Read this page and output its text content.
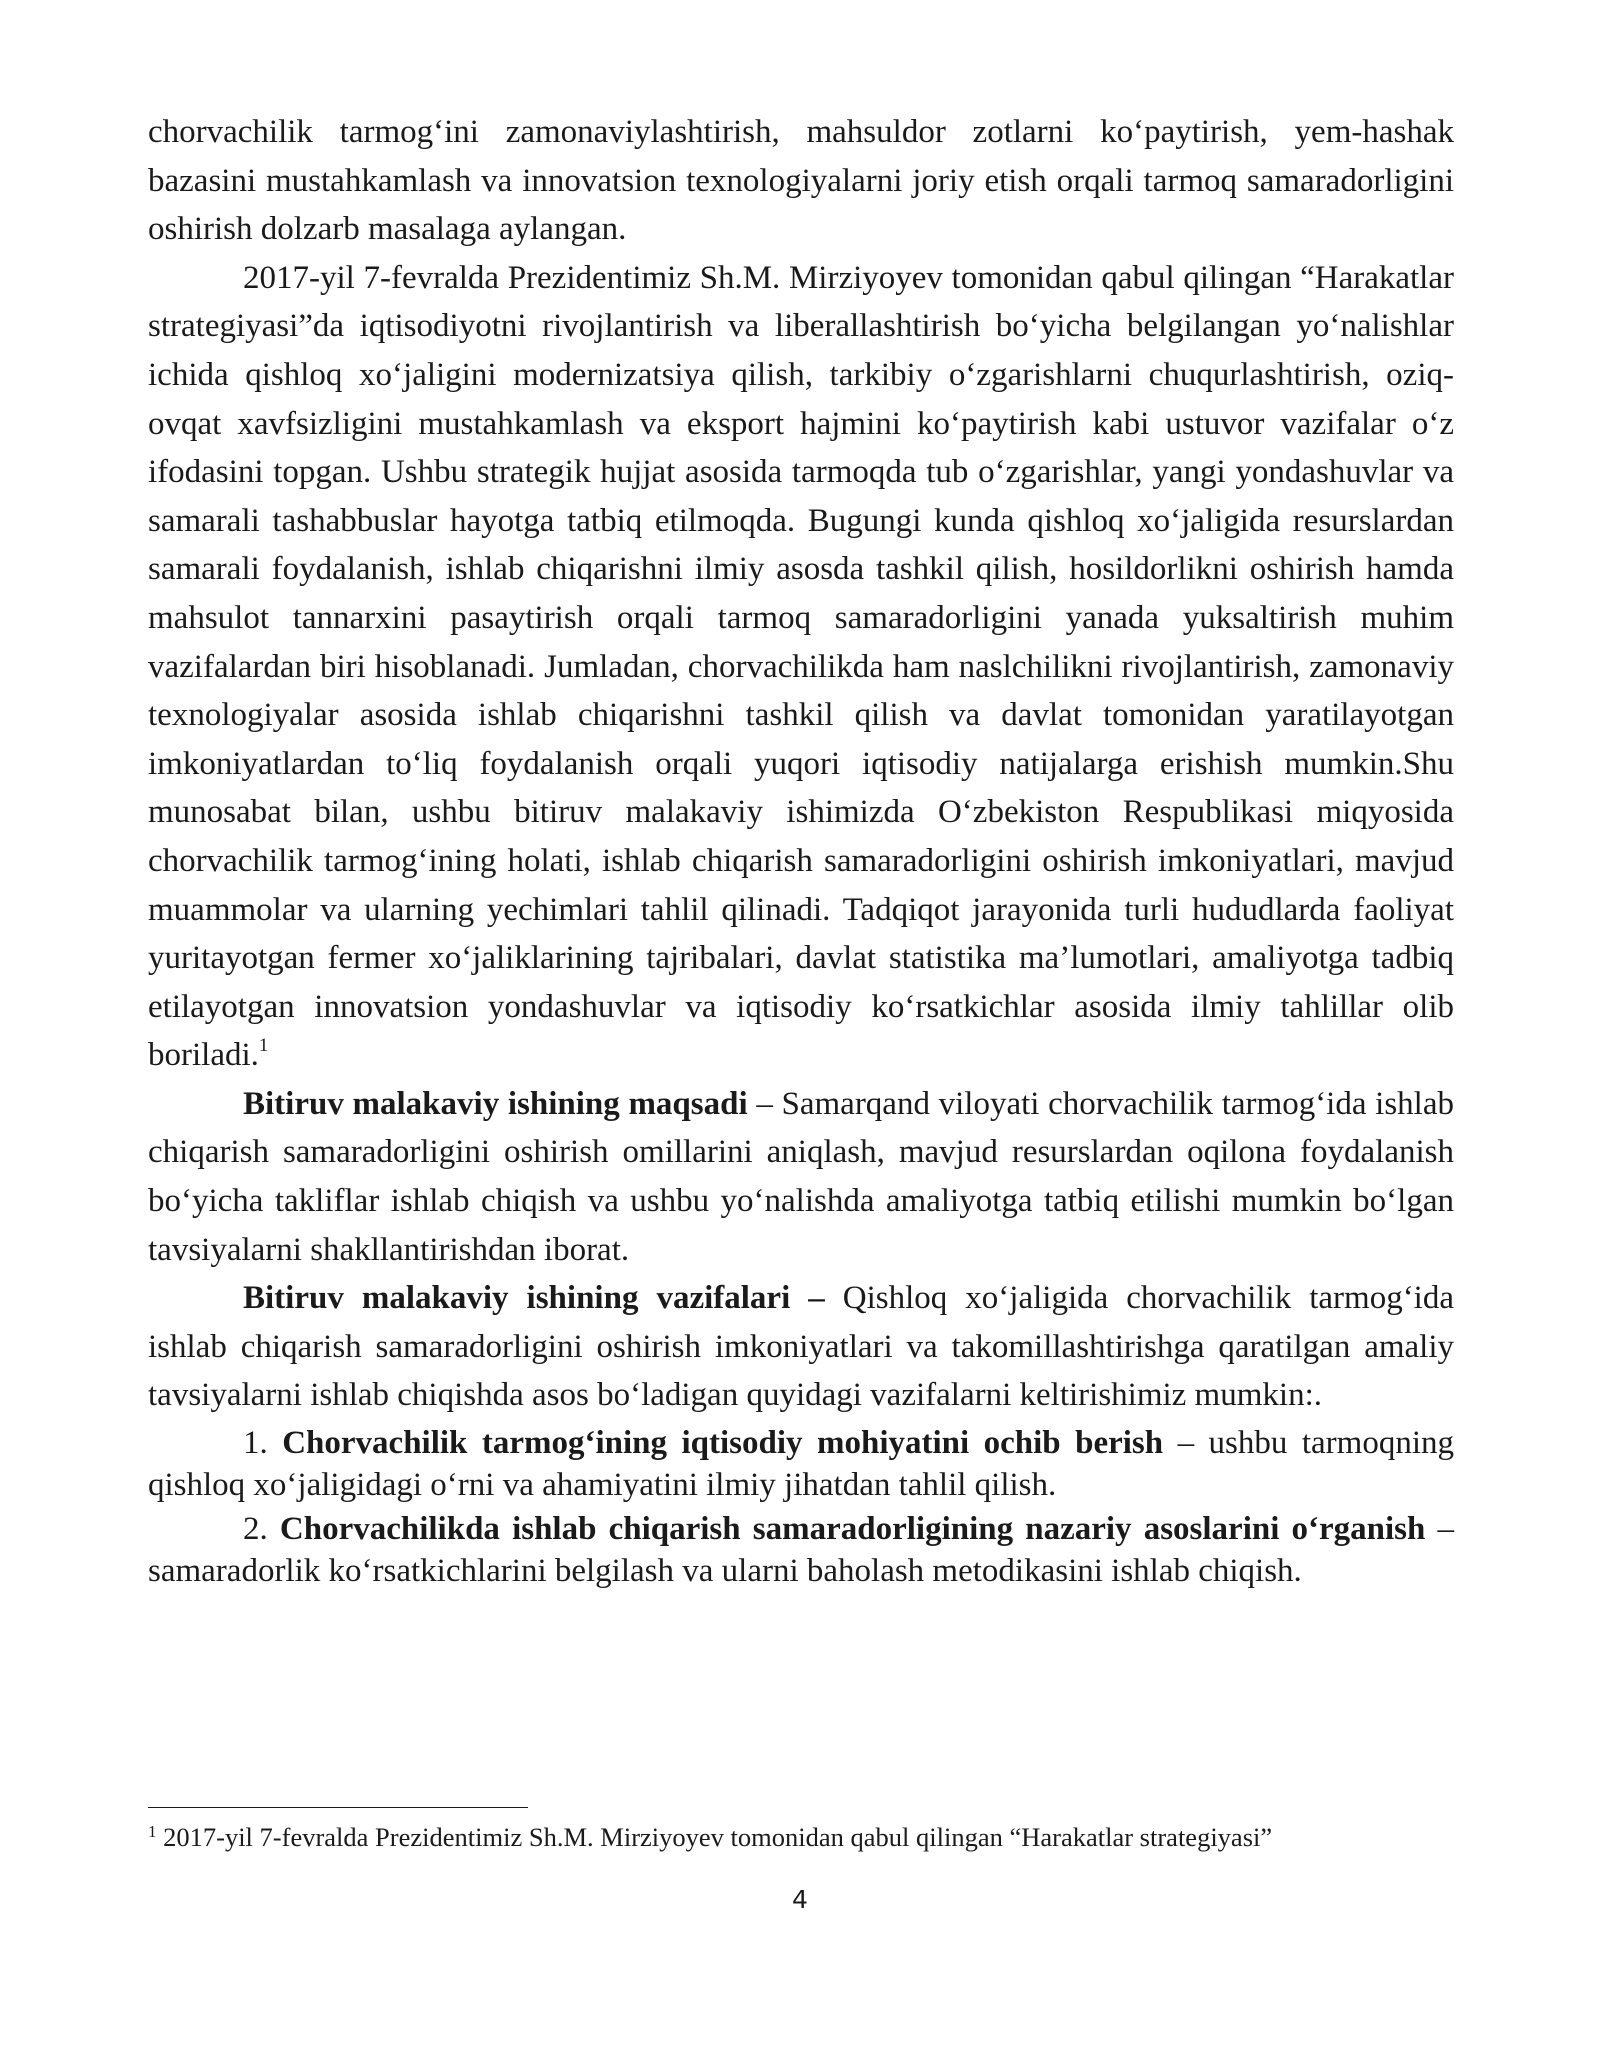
chorvachilik tarmog‘ini zamonaviylashtirish, mahsuldor zotlarni ko‘paytirish, yem-hashak bazasini mustahkamlash va innovatsion texnologiyalarni joriy etish orqali tarmoq samaradorligini oshirish dolzarb masalaga aylangan.

2017-yil 7-fevralda Prezidentimiz Sh.M. Mirziyoyev tomonidan qabul qilingan “Harakatlar strategiyasi”da iqtisodiyotni rivojlantirish va liberallashtirish bo‘yicha belgilangan yo‘nalishlar ichida qishloq xo‘jaligini modernizatsiya qilish, tarkibiy o‘zgarishlarni chuqurlashtirish, oziq-ovqat xavfsizligini mustahkamlash va eksport hajmini ko‘paytirish kabi ustuvor vazifalar o‘z ifodasini topgan. Ushbu strategik hujjat asosida tarmoqda tub o‘zgarishlar, yangi yondashuvlar va samarali tashabbuslar hayotga tatbiq etilmoqda. Bugungi kunda qishloq xo‘jaligida resurslardan samarali foydalanish, ishlab chiqarishni ilmiy asosda tashkil qilish, hosildorlikni oshirish hamda mahsulot tannarxini pasaytirish orqali tarmoq samaradorligini yanada yuksaltirish muhim vazifalardan biri hisoblanadi. Jumladan, chorvachilikda ham naslchilikni rivojlantirish, zamonaviy texnologiyalar asosida ishlab chiqarishni tashkil qilish va davlat tomonidan yaratilayotgan imkoniyatlardan to‘liq foydalanish orqali yuqori iqtisodiy natijalarga erishish mumkin.Shu munosabat bilan, ushbu bitiruv malakaviy ishimizda O‘zbekiston Respublikasi miqyosida chorvachilik tarmog‘ining holati, ishlab chiqarish samaradorligini oshirish imkoniyatlari, mavjud muammolar va ularning yechimlari tahlil qilinadi. Tadqiqot jarayonida turli hududlarda faoliyat yuritayotgan fermer xo‘jaliklarining tajribalari, davlat statistika ma’lumotlari, amaliyotga tadbiq etilayotgan innovatsion yondashuvlar va iqtisodiy ko‘rsatkichlar asosida ilmiy tahlillar olib boriladi.$^1$

Bitiruv malakaviy ishining maqsadi – Samarqand viloyati chorvachilik tarmog‘ida ishlab chiqarish samaradorligini oshirish omillarini aniqlash, mavjud resurslardan oqilona foydalanish bo‘yicha takliflar ishlab chiqish va ushbu yo‘nalishda amaliyotga tatbiq etilishi mumkin bo‘lgan tavsiyalarni shakllantirishdan iborat.

Bitiruv malakaviy ishining vazifalari – Qishloq xo‘jaligida chorvachilik tarmog‘ida ishlab chiqarish samaradorligini oshirish imkoniyatlari va takomillashtirishga qaratilgan amaliy tavsiyalarni ishlab chiqishda asos bo‘ladigan quyidagi vazifalarni keltirishimiz mumkin:.

1. Chorvachilik tarmog‘ining iqtisodiy mohiyatini ochib berish – ushbu tarmoqning qishloq xo‘jaligidagi o‘rni va ahamiyatini ilmiy jihatdan tahlil qilish.

2. Chorvachilikda ishlab chiqarish samaradorligining nazariy asoslarini o‘rganish – samaradorlik ko‘rsatkichlarini belgilash va ularni baholash metodikasini ishlab chiqish.

$^1$ 2017-yil 7-fevralda Prezidentimiz Sh.M. Mirziyoyev tomonidan qabul qilingan “Harakatlar strategiyasi”

4
